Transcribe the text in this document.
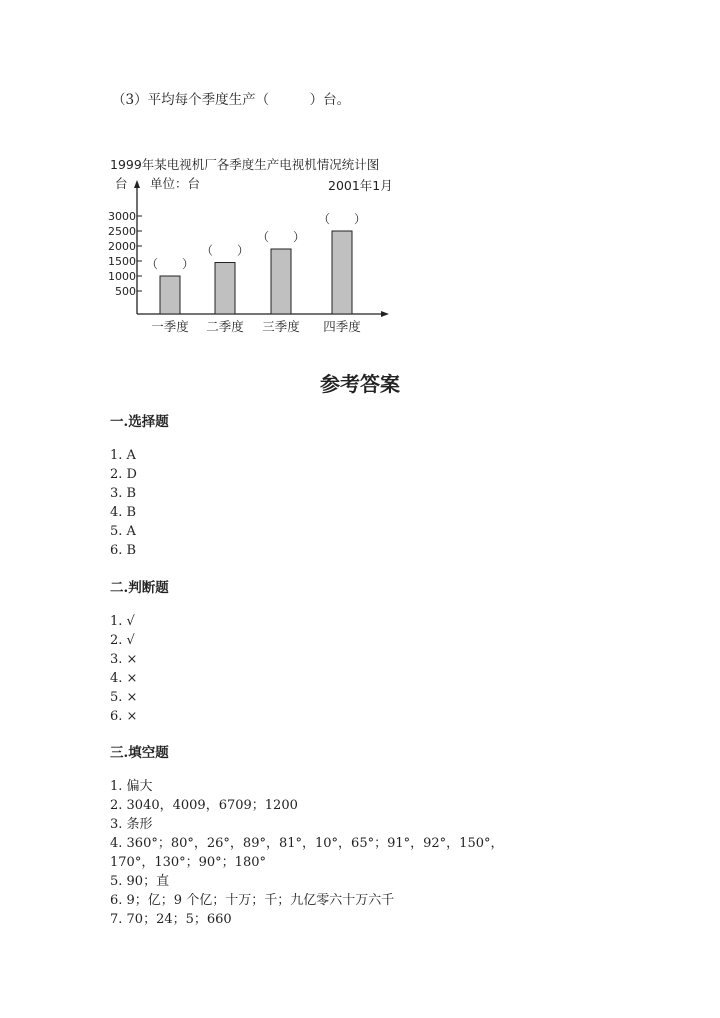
（3）平均每个季度生产（　　　）台。
1999年某电视机厂各季度生产电视机情况统计图
台 单位：台	2001年1月
500
1000
1500
2000
2500
3000
（　　）
一季度
（　　）
二季度
（　　）
三季度
（　　）
四季度
参考答案
一.选择题
1. A
2. D
3. B
4. B
5. A
6. B
二.判断题
1. √
2. √
3. ×
4. ×
5. ×
6. ×
三.填空题
1. 偏大
2. 3040，4009，6709；1200
3. 条形
4. 360°；80°，26°，89°，81°，10°，65°；91°，92°，150°，
170°，130°；90°；180°
5. 90；直
6. 9；亿；9 个亿；十万；千；九亿零六十万六千
7. 70；24；5；660
